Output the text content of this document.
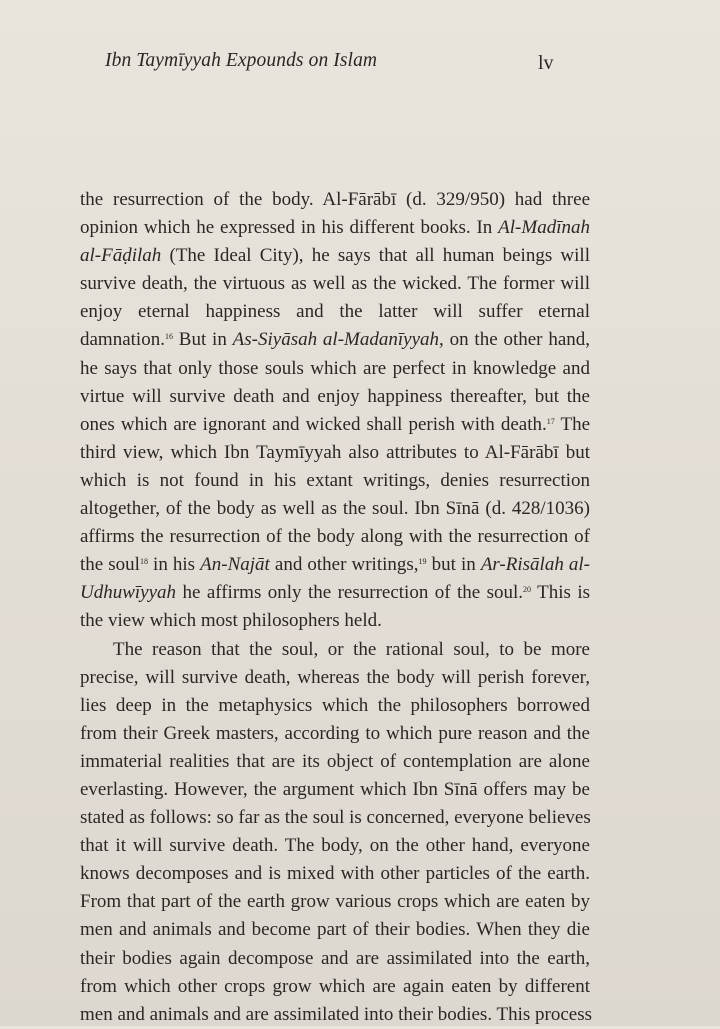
Ibn Taymīyyah Expounds on Islam	lv
the resurrection of the body. Al-Fārābī (d. 329/950) had three
opinion which he expressed in his different books. In Al-Madīnah
al-Fāḍilah (The Ideal City), he says that all human beings will
survive death, the virtuous as well as the wicked. The former will
enjoy eternal happiness and the latter will suffer eternal
damnation.$^{16}$ But in As-Siyāsah al-Madanīyyah, on the other hand,
he says that only those souls which are perfect in knowledge and
virtue will survive death and enjoy happiness thereafter, but the
ones which are ignorant and wicked shall perish with death.$^{17}$ The
third view, which Ibn Taymīyyah also attributes to Al-Fārābī but
which is not found in his extant writings, denies resurrection
altogether, of the body as well as the soul. Ibn Sīnā (d. 428/1036)
affirms the resurrection of the body along with the resurrection of
the soul$^{18}$ in his An-Najāt and other writings,$^{19}$ but in Ar-Risālah al-
Udhuwīyyah he affirms only the resurrection of the soul.$^{20}$ This is
the view which most philosophers held.
The reason that the soul, or the rational soul, to be more
precise, will survive death, whereas the body will perish forever,
lies deep in the metaphysics which the philosophers borrowed
from their Greek masters, according to which pure reason and the
immaterial realities that are its object of contemplation are alone
everlasting. However, the argument which Ibn Sīnā offers may be
stated as follows: so far as the soul is concerned, everyone believes
that it will survive death. The body, on the other hand, everyone
knows decomposes and is mixed with other particles of the earth.
From that part of the earth grow various crops which are eaten by
men and animals and become part of their bodies. When they die
their bodies again decompose and are assimilated into the earth,
from which other crops grow which are again eaten by different
men and animals and are assimilated into their bodies. This process
